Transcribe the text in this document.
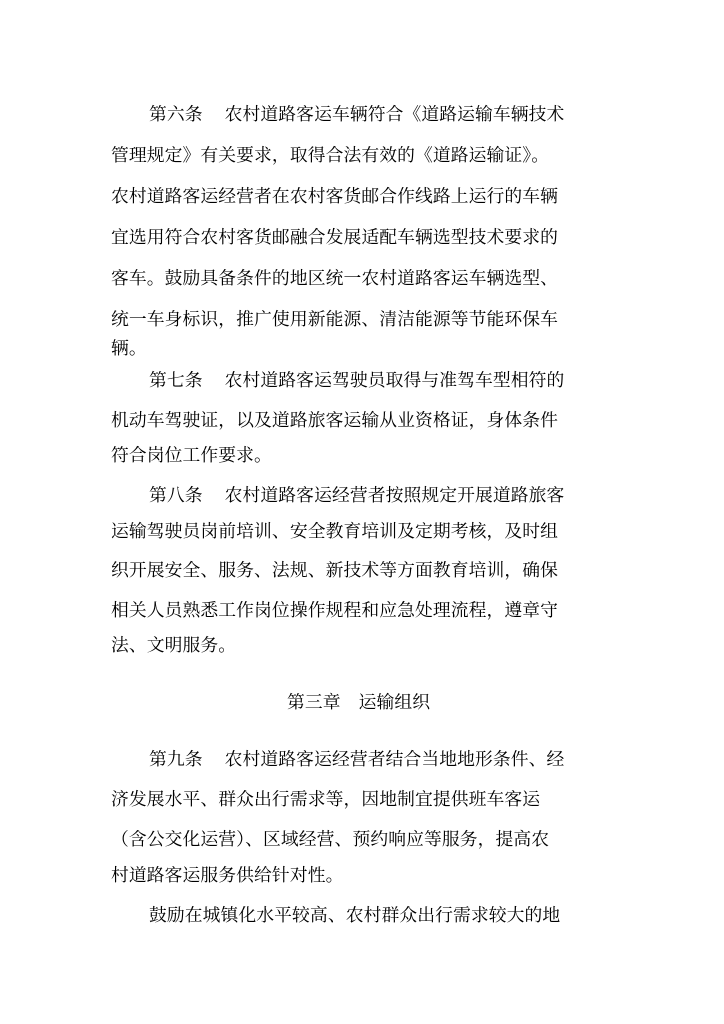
第六条 农村道路客运车辆符合《道路运输车辆技术
管理规定》有关要求，取得合法有效的《道路运输证》。
农村道路客运经营者在农村客货邮合作线路上运行的车辆
宜选用符合农村客货邮融合发展适配车辆选型技术要求的
客车。鼓励具备条件的地区统一农村道路客运车辆选型、
统一车身标识，推广使用新能源、清洁能源等节能环保车
辆。
第七条 农村道路客运驾驶员取得与准驾车型相符的
机动车驾驶证，以及道路旅客运输从业资格证，身体条件
符合岗位工作要求。
第八条 农村道路客运经营者按照规定开展道路旅客
运输驾驶员岗前培训、安全教育培训及定期考核，及时组
织开展安全、服务、法规、新技术等方面教育培训，确保
相关人员熟悉工作岗位操作规程和应急处理流程，遵章守
法、文明服务。
第三章 运输组织
第九条 农村道路客运经营者结合当地地形条件、经
济发展水平、群众出行需求等，因地制宜提供班车客运
（含公交化运营）、区域经营、预约响应等服务，提高农
村道路客运服务供给针对性。
鼓励在城镇化水平较高、农村群众出行需求较大的地
